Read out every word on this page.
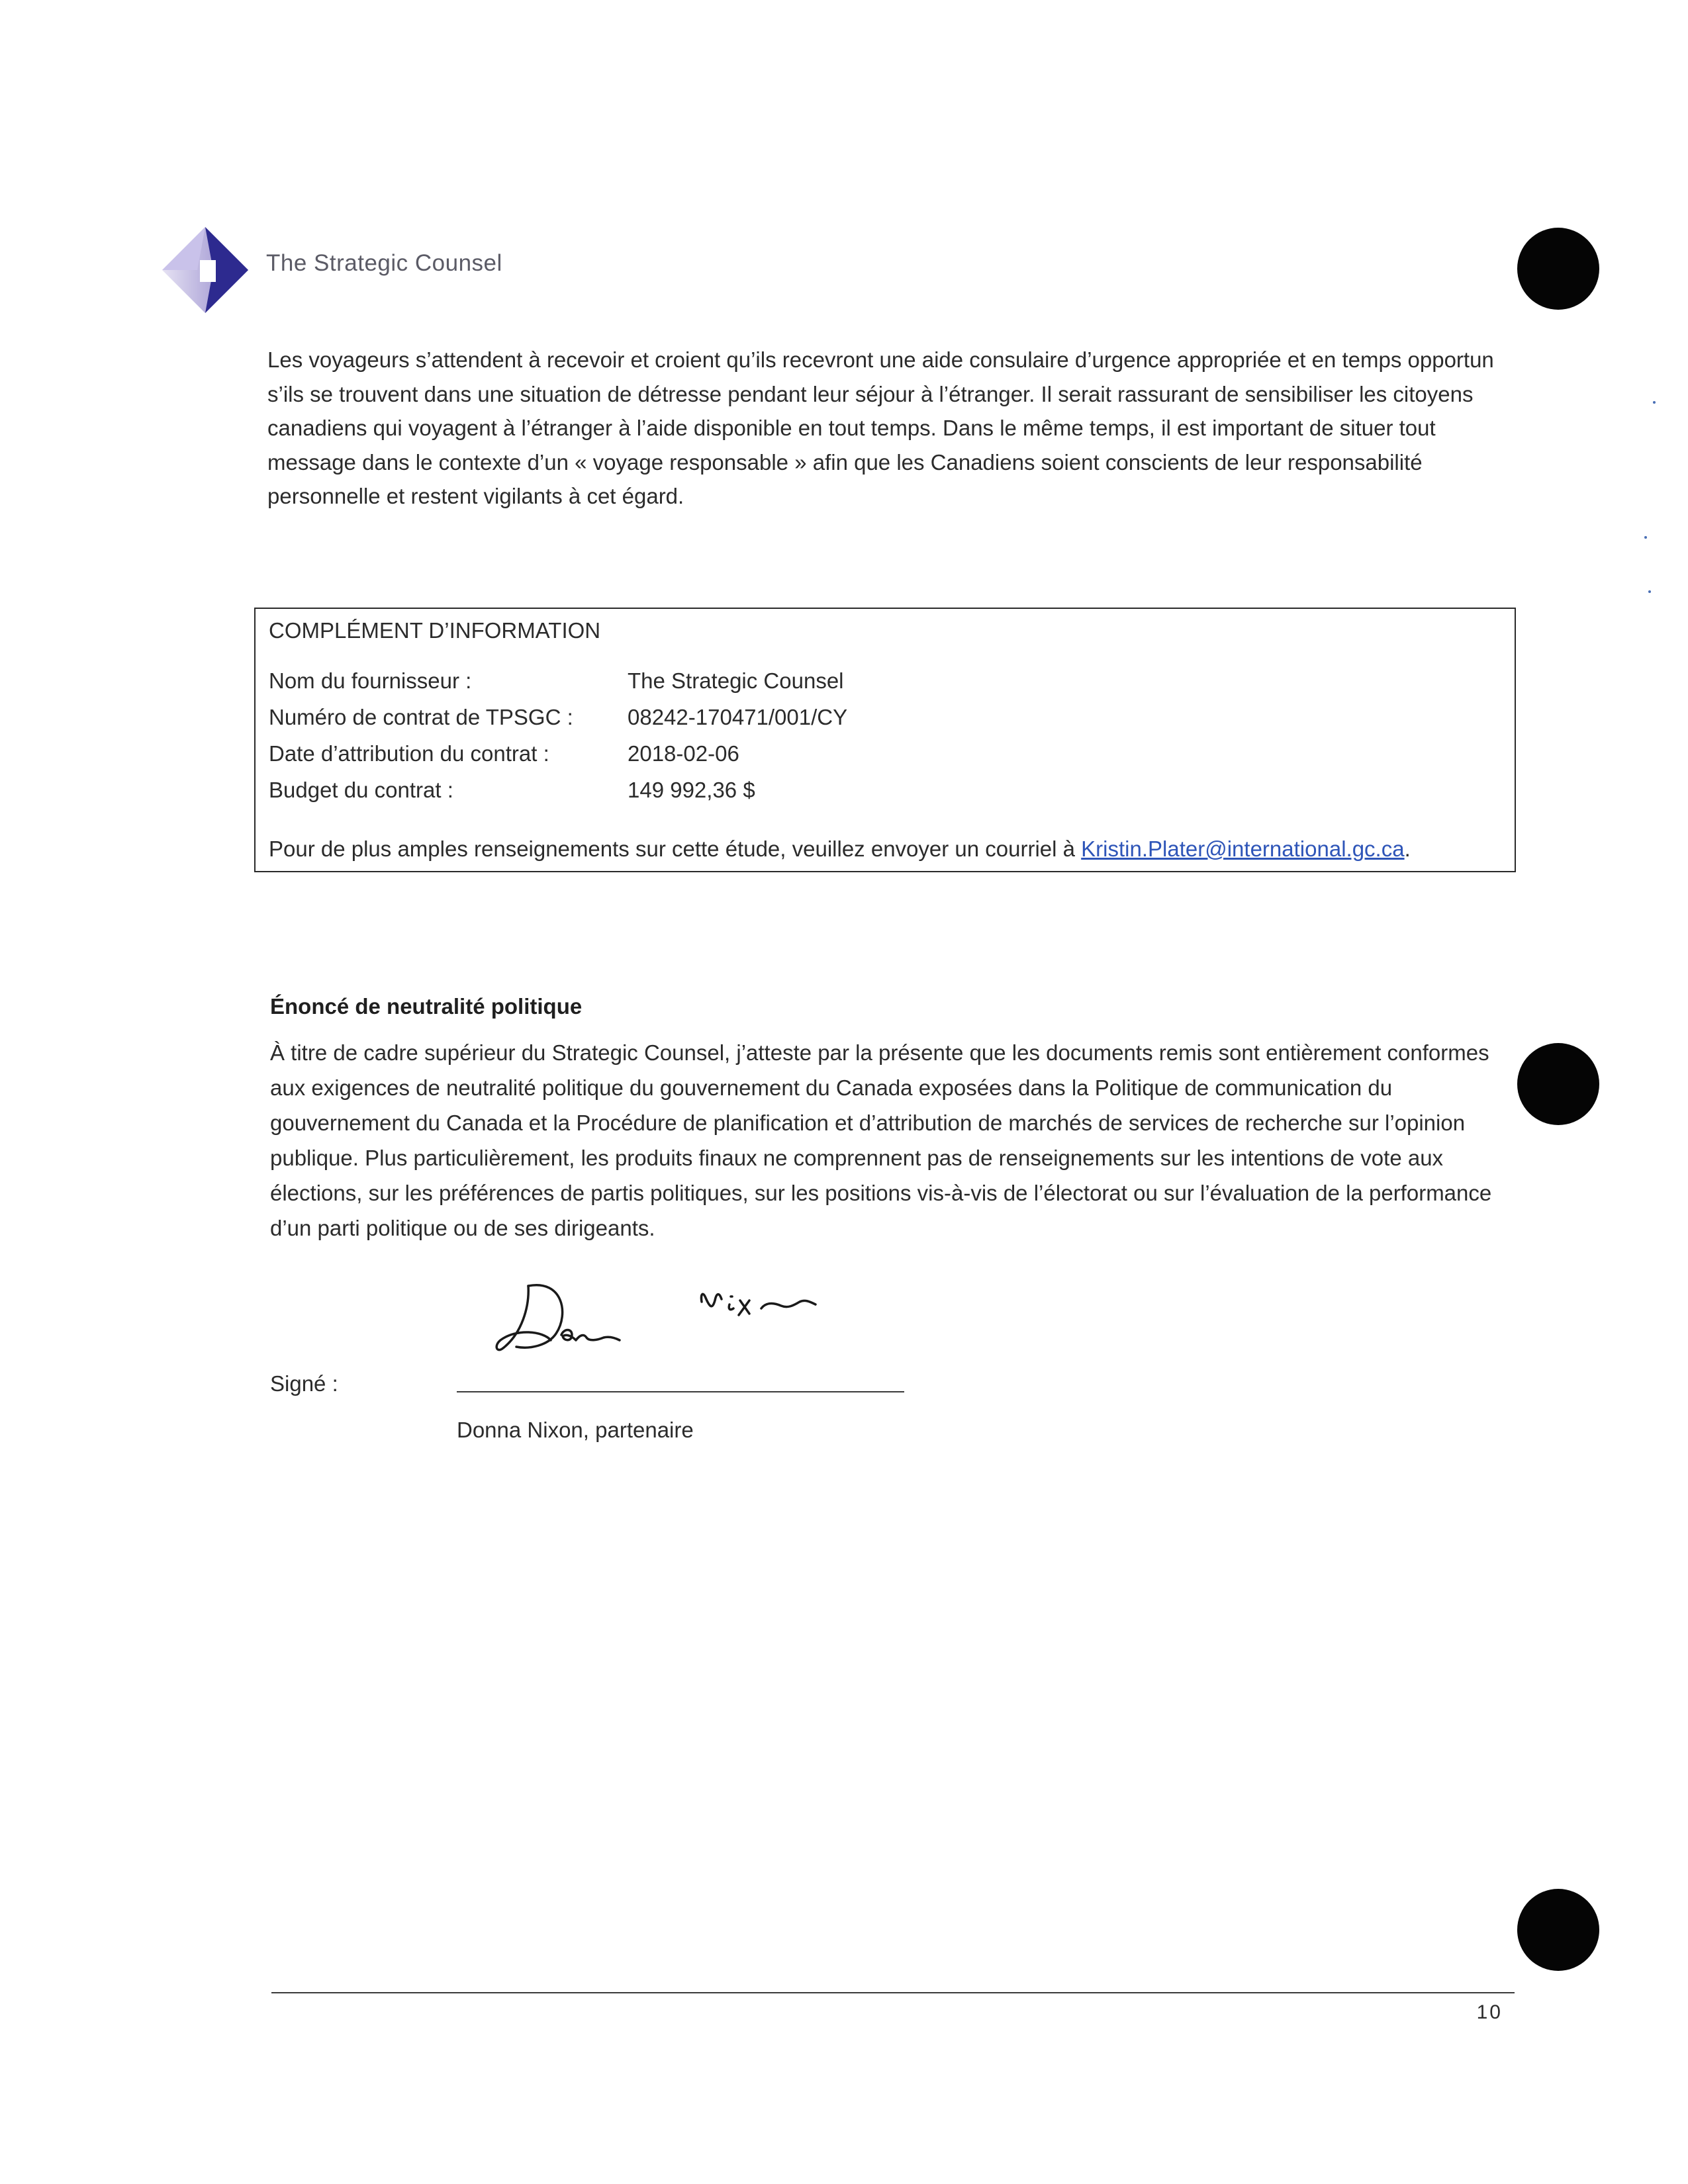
The Strategic Counsel

Les voyageurs s’attendent à recevoir et croient qu’ils recevront une aide consulaire d’urgence appropriée et en temps opportun s’ils se trouvent dans une situation de détresse pendant leur séjour à l’étranger. Il serait rassurant de sensibiliser les citoyens canadiens qui voyagent à l’étranger à l’aide disponible en tout temps. Dans le même temps, il est important de situer tout message dans le contexte d’un « voyage responsable » afin que les Canadiens soient conscients de leur responsabilité personnelle et restent vigilants à cet égard.

COMPLÉMENT D’INFORMATION
Nom du fournisseur :	The Strategic Counsel
Numéro de contrat de TPSGC : 08242-170471/001/CY
Date d’attribution du contrat :	2018-02-06
Budget du contrat :	149 992,36 $
Pour de plus amples renseignements sur cette étude, veuillez envoyer un courriel à Kristin.Plater@international.gc.ca.
Énoncé de neutralité politique

À titre de cadre supérieur du Strategic Counsel, j’atteste par la présente que les documents remis sont entièrement conformes aux exigences de neutralité politique du gouvernement du Canada exposées dans la Politique de communication du gouvernement du Canada et la Procédure de planification et d’attribution de marchés de services de recherche sur l’opinion publique. Plus particulièrement, les produits finaux ne comprennent pas de renseignements sur les intentions de vote aux élections, sur les préférences de partis politiques, sur les positions vis-à-vis de l’électorat ou sur l’évaluation de la performance d’un parti politique ou de ses dirigeants.

Signé :
Donna Nixon, partenaire
10
